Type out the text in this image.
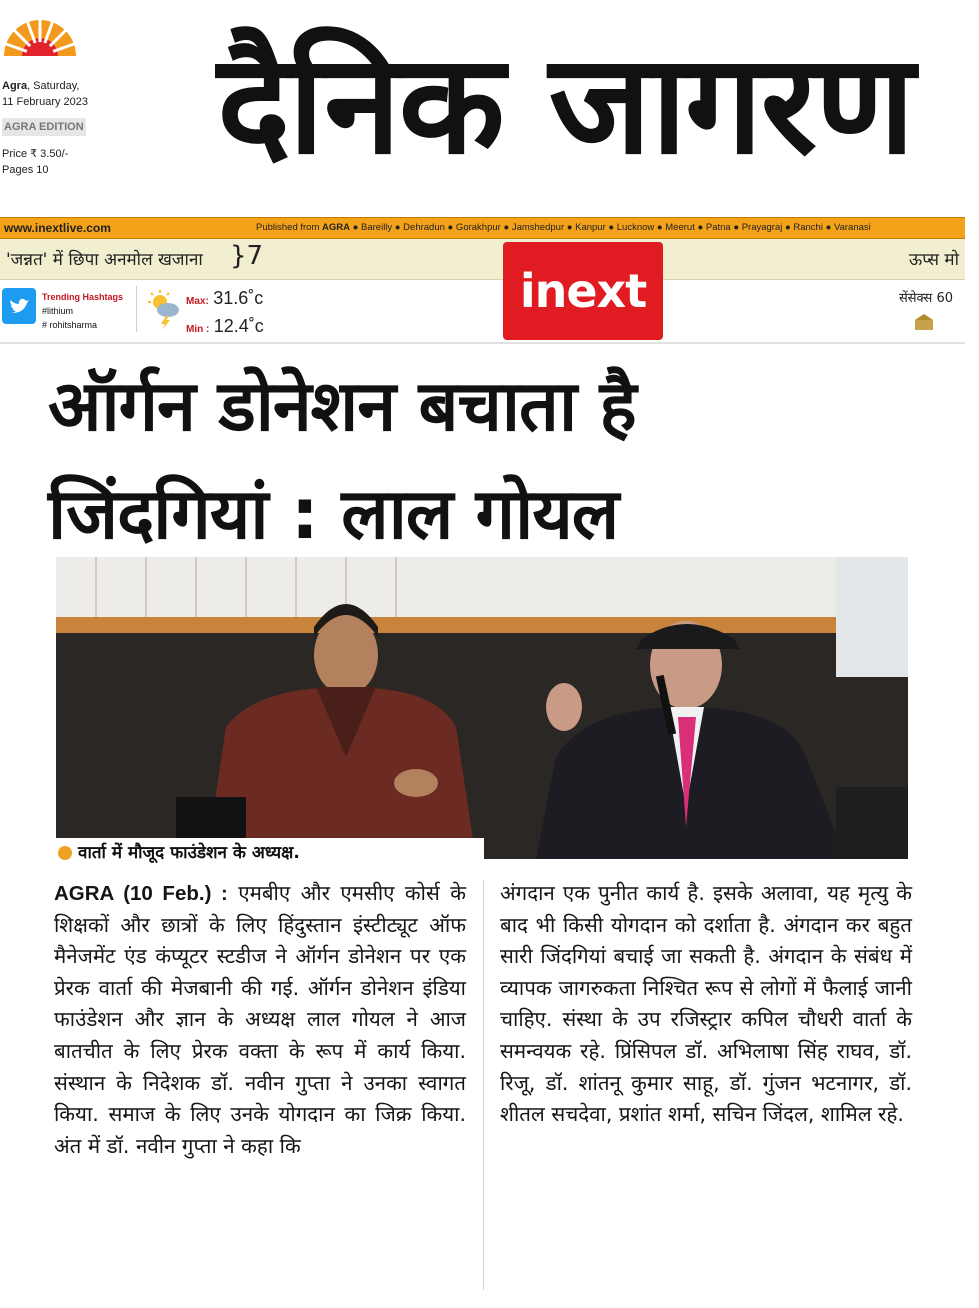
Agra, Saturday,
11 February 2023
AGRA EDITION
Price ₹ 3.50/-
Pages 10	दैनिक जागरण
www.inextlive.com	Published from AGRA ● Bareilly ● Dehradun ● Gorakhpur ● Jamshedpur ● Kanpur ● Lucknow ● Meerut ● Patna ● Prayagraj ● Ranchi ● Varanasi
'जन्नत' में छिपा अनमोल खजाना }7	ऊप्स मो
Trending Hashtags
#lithium
# rohitsharma
Max: 31.6˚c
Min : 12.4˚c
सेंसेक्स 60
inext
ऑर्गन डोनेशन बचाता है
जिंदगियां : लाल गोयल
वार्ता में मौजूद फाउंडेशन के अध्यक्ष.
AGRA (10 Feb.) : एमबीए और एमसीए कोर्स के शिक्षकों और छात्रों के लिए हिंदुस्तान इंस्टीट्यूट ऑफ मैनेजमेंट एंड कंप्यूटर स्टडीज ने ऑर्गन डोनेशन पर एक प्रेरक वार्ता की मेजबानी की गई. ऑर्गन डोनेशन इंडिया फाउंडेशन और ज्ञान के अध्यक्ष लाल गोयल ने आज बातचीत के लिए प्रेरक वक्ता के रूप में कार्य किया. संस्थान के निदेशक डॉ. नवीन गुप्ता ने उनका स्वागत किया. समाज के लिए उनके योगदान का जिक्र किया. अंत में डॉ. नवीन गुप्ता ने कहा कि
अंगदान एक पुनीत कार्य है. इसके अलावा, यह मृत्यु के बाद भी किसी योगदान को दर्शाता है. अंगदान कर बहुत सारी जिंदगियां बचाई जा सकती है. अंगदान के संबंध में व्यापक जागरुकता निश्चित रूप से लोगों में फैलाई जानी चाहिए. संस्था के उप रजिस्ट्रार कपिल चौधरी वार्ता के समन्वयक रहे. प्रिंसिपल डॉ. अभिलाषा सिंह राघव, डॉ. रिजू, डॉ. शांतनू कुमार साहू, डॉ. गुंजन भटनागर, डॉ. शीतल सचदेवा, प्रशांत शर्मा, सचिन जिंदल, शामिल रहे.
